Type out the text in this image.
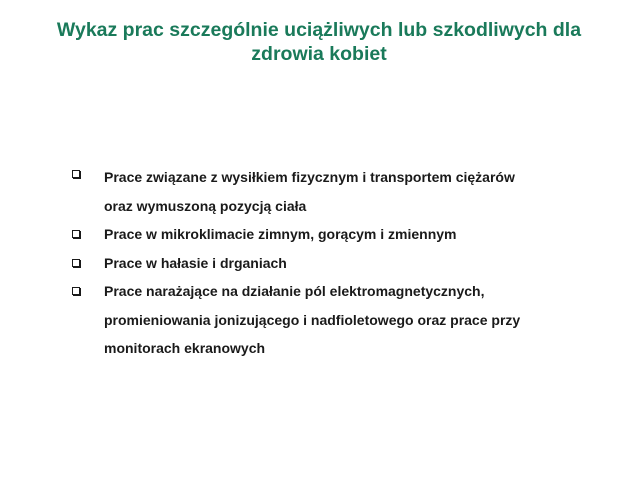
Wykaz prac szczególnie uciążliwych lub szkodliwych dla
zdrowia kobiet
Prace związane z wysiłkiem fizycznym i transportem ciężarów
oraz wymuszoną pozycją ciała
Prace w mikroklimacie zimnym, gorącym i zmiennym
Prace w hałasie i drganiach
Prace narażające na działanie pól elektromagnetycznych,
promieniowania jonizującego i nadfioletowego oraz prace przy
monitorach ekranowych
